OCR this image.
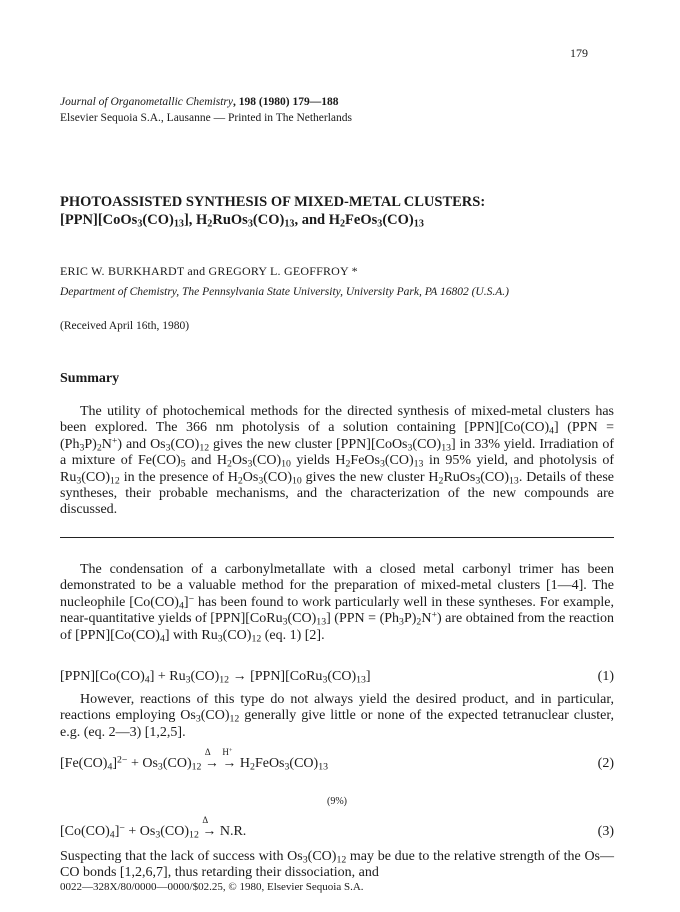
179
Journal of Organometallic Chemistry, 198 (1980) 179—188
Elsevier Sequoia S.A., Lausanne — Printed in The Netherlands
PHOTOASSISTED SYNTHESIS OF MIXED-METAL CLUSTERS:
$[PPN][CoOs_3(CO)_{13}]$, $H_2RuOs_3(CO)_{13}$, and $H_2FeOs_3(CO)_{13}$
ERIC W. BURKHARDT and GREGORY L. GEOFFROY *
Department of Chemistry, The Pennsylvania State University, University Park, PA 16802 (U.S.A.)
(Received April 16th, 1980)
Summary
The utility of photochemical methods for the directed synthesis of mixed-metal clusters has been explored. The 366 nm photolysis of a solution containing $[PPN][Co(CO)_4] (PPN = (Ph_3P)_2N^+)$ and $Os_3(CO)_{12}$ gives the new cluster $[PPN][CoOs_3(CO)_{13}]$ in 33% yield. Irradiation of a mixture of $Fe(CO)_5$ and $H_2Os_3(CO)_{10}$ yields $H_2FeOs_3(CO)_{13}$ in 95% yield, and photolysis of $Ru_3(CO)_{12}$ in the presence of $H_2Os_3(CO)_{10}$ gives the new cluster $H_2RuOs_3(CO)_{13}$. Details of these syntheses, their probable mechanisms, and the characterization of the new compounds are discussed.
The condensation of a carbonylmetallate with a closed metal carbonyl trimer has been demonstrated to be a valuable method for the preparation of mixed-metal clusters [1—4]. The nucleophile $[Co(CO)_4]^-$ has been found to work particularly well in these syntheses. For example, near-quantitative yields of $[PPN][CoRu_3(CO)_{13}] (PPN = (Ph_3P)_2N^+)$ are obtained from the reaction of $[PPN][Co(CO)_4]$ with $Ru_3(CO)_{12}$ (eq. 1) [2].
$[PPN][Co(CO)_4] + Ru_3(CO)_{12}$ → $[PPN][CoRu_3(CO)_{13}]$	(1)
However, reactions of this type do not always yield the desired product, and in particular, reactions employing $Os_3(CO)_{12}$ generally give little or none of the expected tetranuclear cluster, e.g. (eq. 2—3) [1,2,5].
$[Fe(CO)_4]^{2-} + Os_3(CO)_{12}$ →
Δ
→
H+
$H_2FeOs_3(CO)_{13}$	(2)
(9%)
$[Co(CO)_4]^- + Os_3(CO)_{12}$ →
Δ
N.R.	(3)
Suspecting that the lack of success with $Os_3(CO)_{12}$ may be due to the relative strength of the Os—CO bonds [1,2,6,7], thus retarding their dissociation, and
0022—328X/80/0000—0000/$02.25, © 1980, Elsevier Sequoia S.A.
